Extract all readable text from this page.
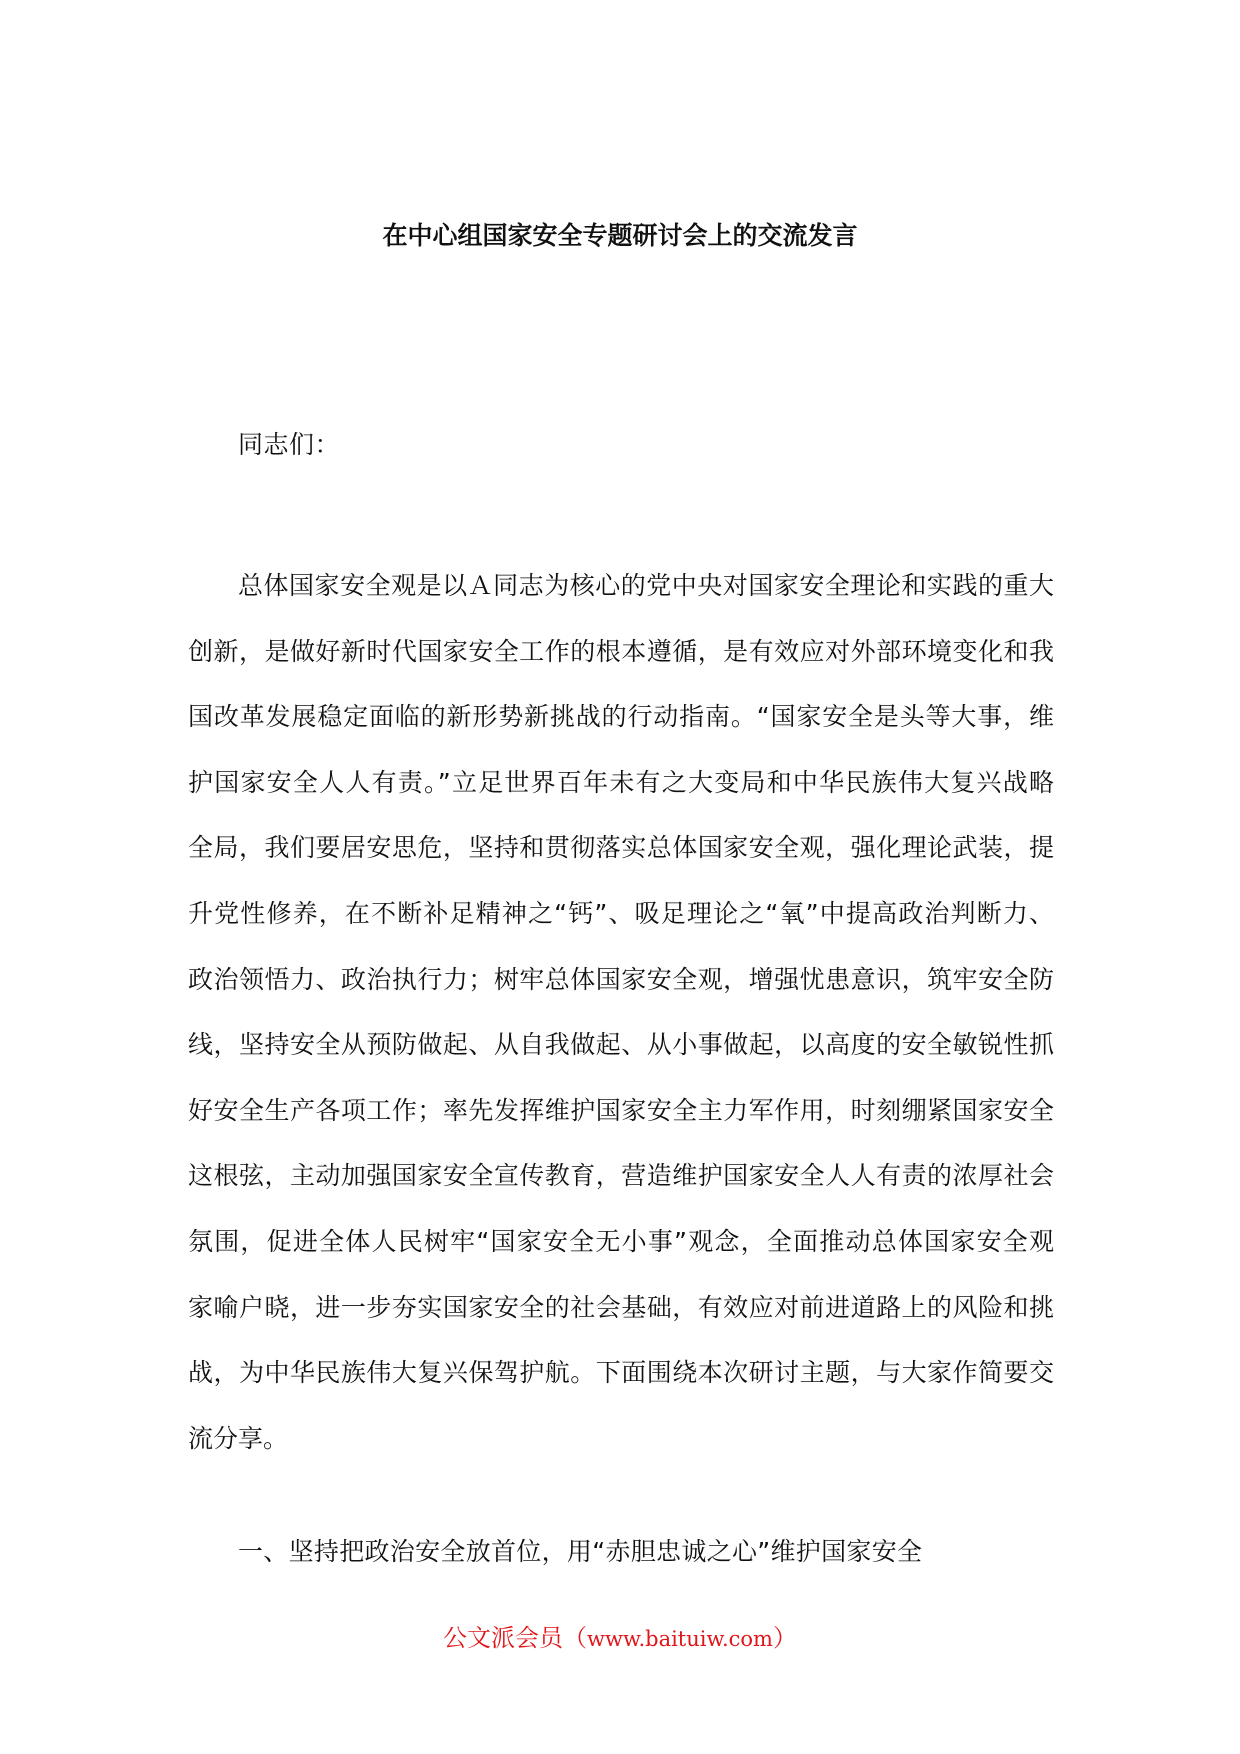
在中心组国家安全专题研讨会上的交流发言
同志们：
总体国家安全观是以Ａ同志为核心的党中央对国家安全理论和实践的重大
创新，是做好新时代国家安全工作的根本遵循，是有效应对外部环境变化和我
国改革发展稳定面临的新形势新挑战的行动指南。“国家安全是头等大事，维
护国家安全人人有责。”立足世界百年未有之大变局和中华民族伟大复兴战略
全局，我们要居安思危，坚持和贯彻落实总体国家安全观，强化理论武装，提
升党性修养，在不断补足精神之“钙”、吸足理论之“氧”中提高政治判断力、
政治领悟力、政治执行力；树牢总体国家安全观，增强忧患意识，筑牢安全防
线，坚持安全从预防做起、从自我做起、从小事做起，以高度的安全敏锐性抓
好安全生产各项工作；率先发挥维护国家安全主力军作用，时刻绷紧国家安全
这根弦，主动加强国家安全宣传教育，营造维护国家安全人人有责的浓厚社会
氛围，促进全体人民树牢“国家安全无小事”观念，全面推动总体国家安全观
家喻户晓，进一步夯实国家安全的社会基础，有效应对前进道路上的风险和挑
战，为中华民族伟大复兴保驾护航。下面围绕本次研讨主题，与大家作简要交
流分享。
一、坚持把政治安全放首位，用“赤胆忠诚之心”维护国家安全
公文派会员（www.baituiw.com）
